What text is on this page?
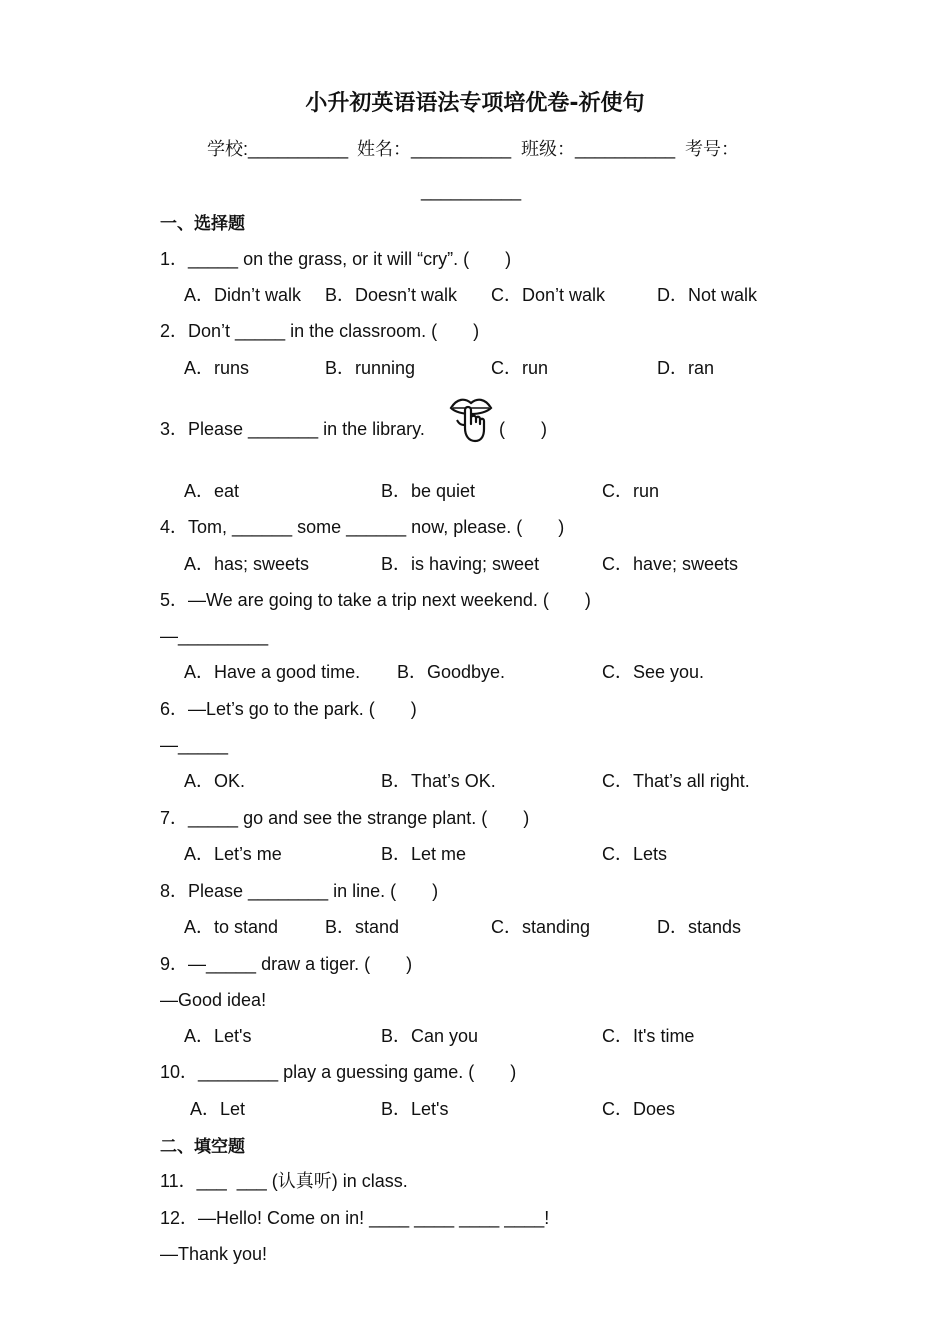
小升初英语语法专项培优卷-祈使句
学校:__________ 姓名：__________ 班级：__________ 考号：
__________
一、选择题
1．_____ on the grass, or it will “cry”. (　　)
A．Didn’t walk B．Doesn’t walk C．Don’t walk	D．Not walk
2．Don’t _____ in the classroom. (　　)
A．runs	B．running	C．run	D．ran
3．Please _______ in the library.	(　　)
A．eat	B．be quiet	C．run
4．Tom, ______ some ______ now, please. (　　)
A．has; sweets	B．is having; sweet	C．have; sweets
5．—We are going to take a trip next weekend. (　　)
—_________
A．Have a good time. B．Goodbye.	C．See you.
6．—Let’s go to the park. (　　)
—_____
A．OK.	B．That’s OK.	C．That’s all right.
7．_____ go and see the strange plant. (　　)
A．Let’s me	B．Let me	C．Lets
8．Please ________ in line. (　　)
A．to stand	B．stand	C．standing	D．stands
9．—_____ draw a tiger. (　　)
—Good idea!
A．Let's	B．Can you	C．It's time
10．________ play a guessing game. (　　)
A．Let	B．Let's	C．Does
二、填空题
11．___  ___ (认真听) in class.
12．—Hello! Come on in! ____ ____ ____ ____!
—Thank you!
